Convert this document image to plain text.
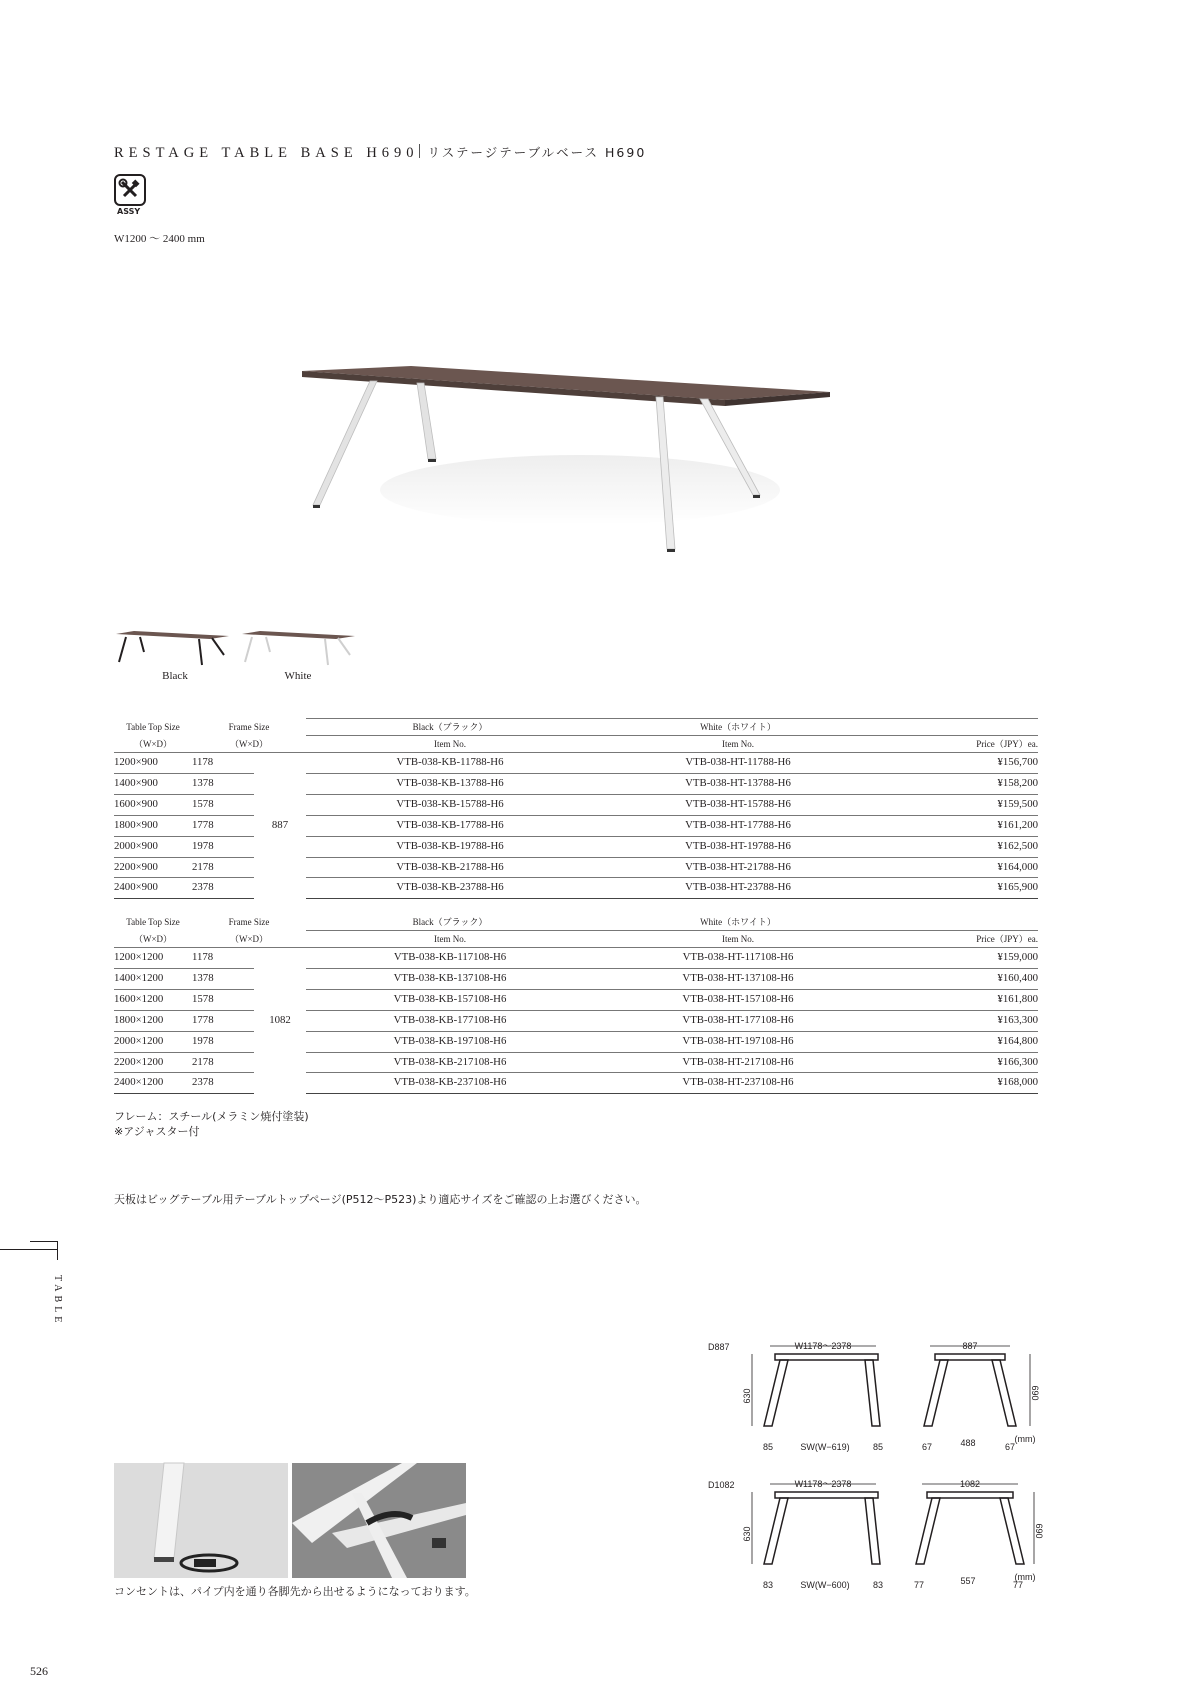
RESTAGE TABLE BASE H690 リステージテーブルベース H690
ASSY
W1200 〜 2400 mm
Black	White
Table Top Size	Frame Size		Black（ブラック）	White（ホワイト）	
（W×D）	（W×D）		Item No.	Item No.	Price（JPY）ea.
1200×900	1178	887	VTB-038-KB-11788-H6	VTB-038-HT-11788-H6	¥156,700
1400×900	1378		VTB-038-KB-13788-H6	VTB-038-HT-13788-H6	¥158,200
1600×900	1578		VTB-038-KB-15788-H6	VTB-038-HT-15788-H6	¥159,500
1800×900	1778		VTB-038-KB-17788-H6	VTB-038-HT-17788-H6	¥161,200
2000×900	1978		VTB-038-KB-19788-H6	VTB-038-HT-19788-H6	¥162,500
2200×900	2178		VTB-038-KB-21788-H6	VTB-038-HT-21788-H6	¥164,000
2400×900	2378		VTB-038-KB-23788-H6	VTB-038-HT-23788-H6	¥165,900
Table Top Size	Frame Size		Black（ブラック）	White（ホワイト）	
（W×D）	（W×D）		Item No.	Item No.	Price（JPY）ea.
1200×1200	1178	1082	VTB-038-KB-117108-H6	VTB-038-HT-117108-H6	¥159,000
1400×1200	1378		VTB-038-KB-137108-H6	VTB-038-HT-137108-H6	¥160,400
1600×1200	1578		VTB-038-KB-157108-H6	VTB-038-HT-157108-H6	¥161,800
1800×1200	1778		VTB-038-KB-177108-H6	VTB-038-HT-177108-H6	¥163,300
2000×1200	1978		VTB-038-KB-197108-H6	VTB-038-HT-197108-H6	¥164,800
2200×1200	2178		VTB-038-KB-217108-H6	VTB-038-HT-217108-H6	¥166,300
2400×1200	2378		VTB-038-KB-237108-H6	VTB-038-HT-237108-H6	¥168,000
フレーム：スチール(メラミン焼付塗装)
※アジャスター付
天板はビッグテーブル用テーブルトップページ(P512〜P523)より適応サイズをご確認の上お選びください。
TABLE
コンセントは、パイプ内を通り各脚先から出せるようになっております。
D887	W1178〜2378
630
85	SW(W−619)	85
887
690
67	488	67
(mm)
D1082	W1178〜2378
630
83	SW(W−600)	83
1082
690
77	557	77
(mm)
526
